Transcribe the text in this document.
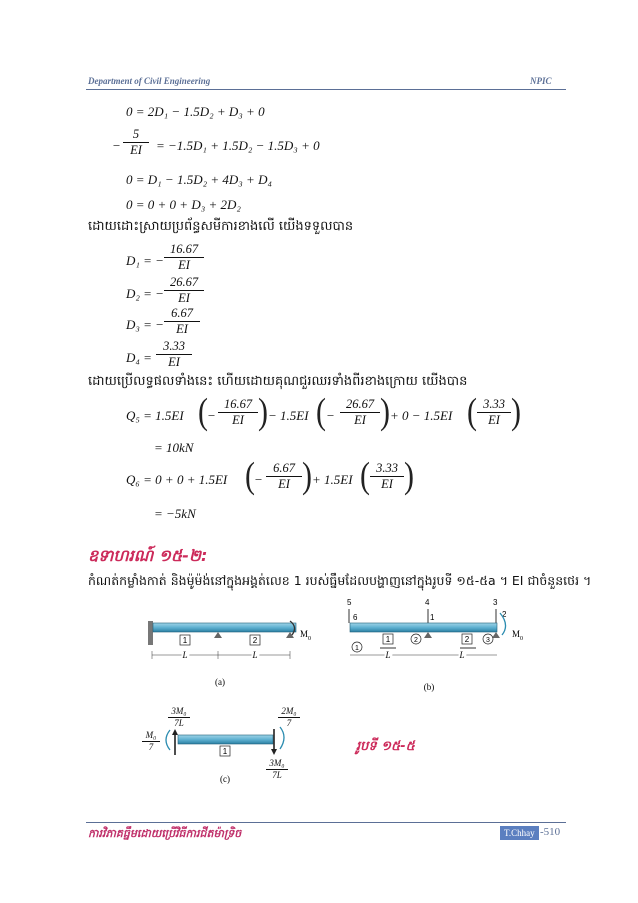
Department of Civil Engineering	NPIC
0 = 2D₁ − 1.5D₂ + D₃ + 0
− $\frac{5}{EI} = -1.5D_1 + 1.5D_2 - 1.5D_3 + 0$
0 = D₁ − 1.5D₂ + 4D₃ + D₄
0 = 0 + 0 + D₃ + 2D₂
ដោយដោះស្រាយប្រព័ន្ធសមីការខាងលើ យើងទទួលបាន
D₁ = − $\frac{16.67}{EI}$
D₂ = − $\frac{26.67}{EI}$
D₃ = − $\frac{6.67}{EI}$
$D_4 = \frac{3.33}{EI}$
ដោយប្រើលទ្ធផលទាំងនេះ ហើយដោយគុណជួរឈរទាំងពីរខាងក្រោយ យើងបាន
Q₅ = 1.5EI ( − $\frac{16.67}{EI}$ ) − 1.5EI ( − $\frac{26.67}{EI}$ ) + 0 − 1.5EI ( $\frac{3.33}{EI}$ )
= 10kN
Q₆ = 0 + 0 + 1.5EI ( − $\frac{6.67}{EI}$ ) + 1.5EI ( $\frac{3.33}{EI}$ )
= −5kN
ឧទាហរណ៍ ១៥-២:
កំណត់កម្លាំងកាត់ និងម៉ូម៉ង់នៅក្នុងអង្គត់លេខ 1 របស់ធ្នឹមដែលបង្ហាញនៅក្នុងរូបទី ១៥-៥a ។ EI ជាចំនួនថេរ ។
1	2
M 0
L	L
(a)
5	4	3
6	1	2
M 0
1
1	2	2 3
L	L
(b)
1
(c)
$\frac{\text{3M₀}}{7L}$
$\frac{\text{M₀}}{7}$
$\frac{\text{2M₀}}{7}$
$\frac{\text{3M₀}}{7L}$
រូបទី ១៥-៥
ការវិភាគធ្នឹមដោយប្រើវិធីការជីតម៉ាទ្រិច	T.Chhay -510
